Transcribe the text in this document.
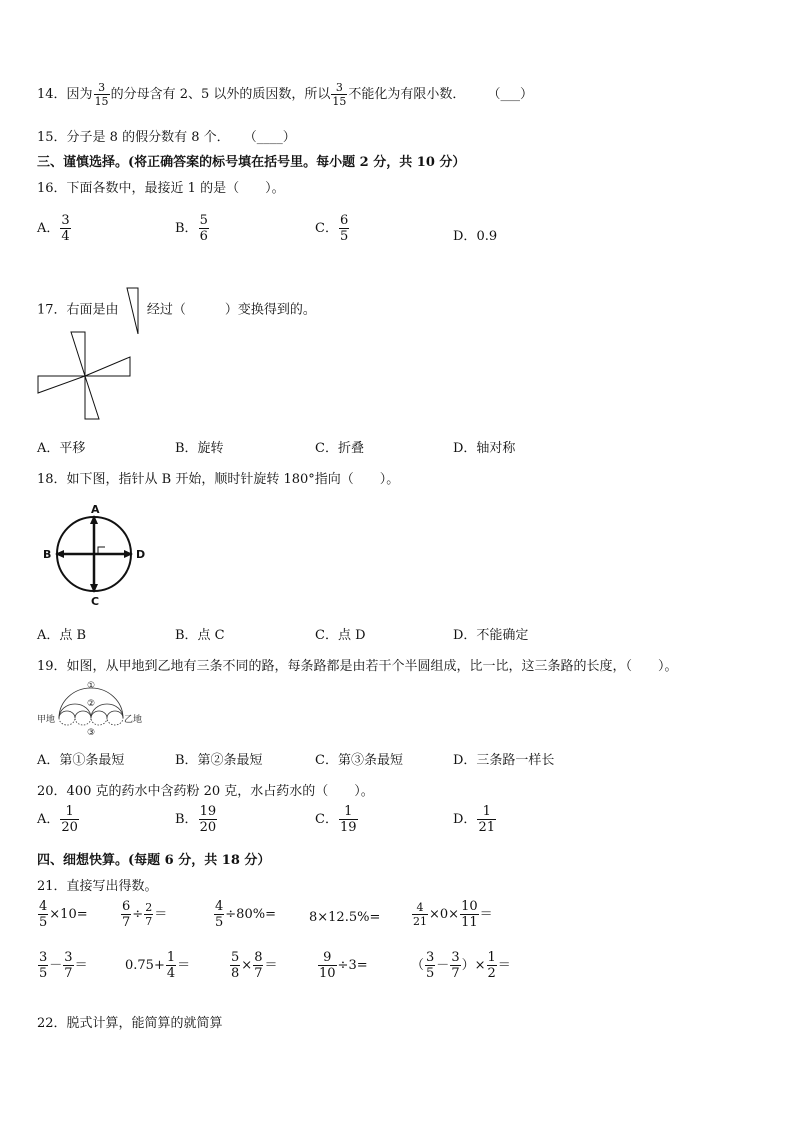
14．因为 $\frac{3}{15}$ 的分母含有 2、5 以外的质因数，所以 $\frac{3}{15}$ 不能化为有限小数． （___）
15．分子是 8 的假分数有 8 个． （____）
三、谨慎选择。(将正确答案的标号填在括号里。每小题 2 分，共 10 分）
16．下面各数中，最接近 1 的是（　　）。
A． $\frac{3}{4}$	B． $\frac{5}{6}$	C． $\frac{6}{5}$	D．0.9
17．右面是由 经过（　　　）变换得到的。
A．平移	B．旋转	C．折叠	D．轴对称
18．如下图，指针从 B 开始，顺时针旋转 180°指向（　　）。
A
B
C
D
A．点 B	B．点 C	C．点 D	D．不能确定
19．如图，从甲地到乙地有三条不同的路，每条路都是由若干个半圆组成，比一比，这三条路的长度，（　　）。
甲地	乙地
①
②
③
A．第①条最短	B．第②条最短	C．第③条最短	D．三条路一样长
20．400 克的药水中含药粉 20 克，水占药水的（　　）。
A． $\frac{1}{20}$	B． $\frac{19}{20}$	C． $\frac{1}{19}$	D． $\frac{1}{21}$
四、细想快算。(每题 6 分，共 18 分）
21．直接写出得数。
$\frac{4}{5} \times 10=$	$\frac{6}{7} \div \frac{2}{7}$ ＝	$\frac{4}{5} \div 80\%=$	8×12.5%=	$\frac{4}{21} \times 0\times \frac{10}{11}$ ＝
$\frac{3}{5} - \frac{3}{7}$ ＝	$0.75+ \frac{1}{4}$ ＝	$\frac{5}{8} \times \frac{8}{7}$ ＝	$\frac{9}{10} \div 3=$	（ $\frac{3}{5} - \frac{3}{7}$ ）× $\frac{1}{2}$ ＝
22．脱式计算，能简算的就简算
